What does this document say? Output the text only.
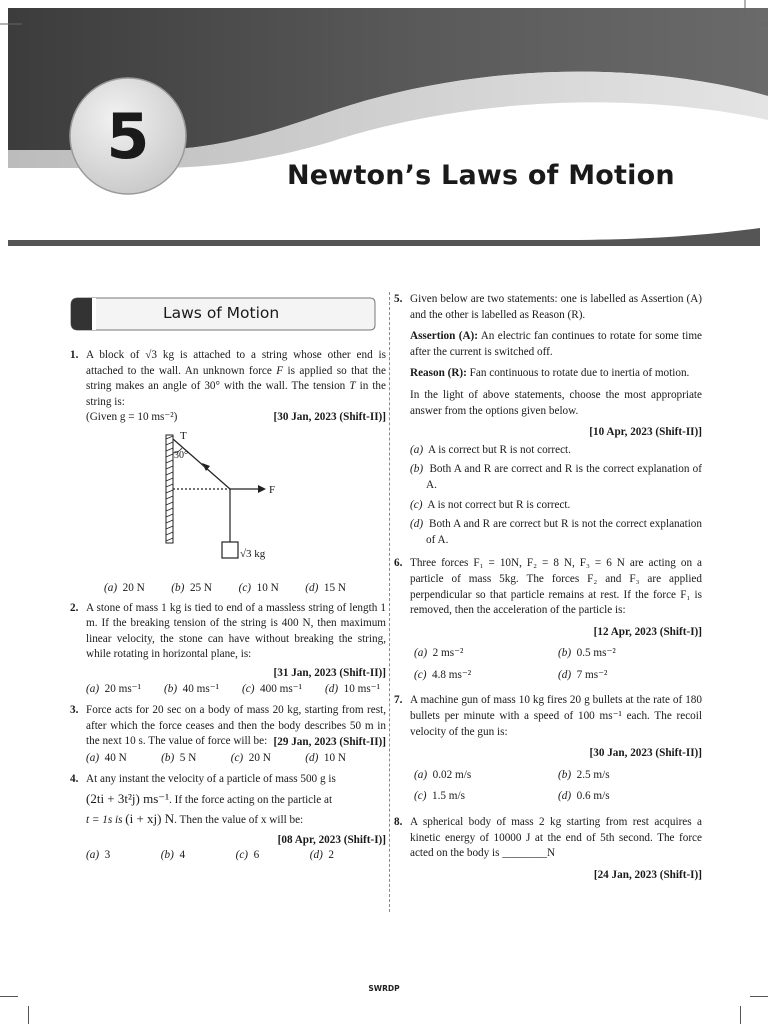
5
Newton’s Laws of Motion
Laws of Motion
1. A block of √3 kg is attached to a string whose other end is attached to the wall. An unknown force F is applied so that the string makes an angle of 30° with the wall. The tension T in the string is:
(Given g = 10 ms⁻²)	[30 Jan, 2023 (Shift-II)]
T
30°
F
√3 kg
(a) 20 N (b) 25 N (c) 10 N (d) 15 N
2. A stone of mass 1 kg is tied to end of a massless string of length 1 m. If the breaking tension of the string is 400 N, then maximum linear velocity, the stone can have without breaking the string, while rotating in horizontal plane, is:
[31 Jan, 2023 (Shift-II)]
(a) 20 ms⁻¹ (b) 40 ms⁻¹ (c) 400 ms⁻¹ (d) 10 ms⁻¹
3. Force acts for 20 sec on a body of mass 20 kg, starting from rest, after which the force ceases and then the body describes 50 m in the next 10 s. The value of force will be: [29 Jan, 2023 (Shift-II)]
(a) 40 N	(b) 5 N	(c) 20 N	(d) 10 N
4. At any instant the velocity of a particle of mass 500 g is
(2ti + 3t²j) ms⁻¹. If the force acting on the particle at
t = 1s is (i + xj) N. Then the value of x will be:
[08 Apr, 2023 (Shift-I)]
(a) 3	(b) 4	(c) 6	(d) 2
5. Given below are two statements: one is labelled as Assertion (A) and the other is labelled as Reason (R).
Assertion (A): An electric fan continues to rotate for some time after the current is switched off.
Reason (R): Fan continuous to rotate due to inertia of motion.
In the light of above statements, choose the most appropriate answer from the options given below.
[10 Apr, 2023 (Shift-II)]
(a) A is correct but R is not correct.
(b) Both A and R are correct and R is the correct explanation of A.
(c) A is not correct but R is correct.
(d) Both A and R are correct but R is not the correct explanation of A.
6. Three forces F₁ = 10N, F₂ = 8 N, F₃ = 6 N are acting on a particle of mass 5kg. The forces F₂ and F₃ are applied perpendicular so that particle remains at rest. If the force F₁ is removed, then the acceleration of the particle is:
[12 Apr, 2023 (Shift-I)]
(a) 2 ms⁻²	(b) 0.5 ms⁻²
(c) 4.8 ms⁻²	(d) 7 ms⁻²
7. A machine gun of mass 10 kg fires 20 g bullets at the rate of 180 bullets per minute with a speed of 100 ms⁻¹ each. The recoil velocity of the gun is:
[30 Jan, 2023 (Shift-II)]
(a) 0.02 m/s	(b) 2.5 m/s
(c) 1.5 m/s	(d) 0.6 m/s
8. A spherical body of mass 2 kg starting from rest acquires a kinetic energy of 10000 J at the end of 5th second. The force acted on the body is ________N
[24 Jan, 2023 (Shift-I)]
SWRDP
